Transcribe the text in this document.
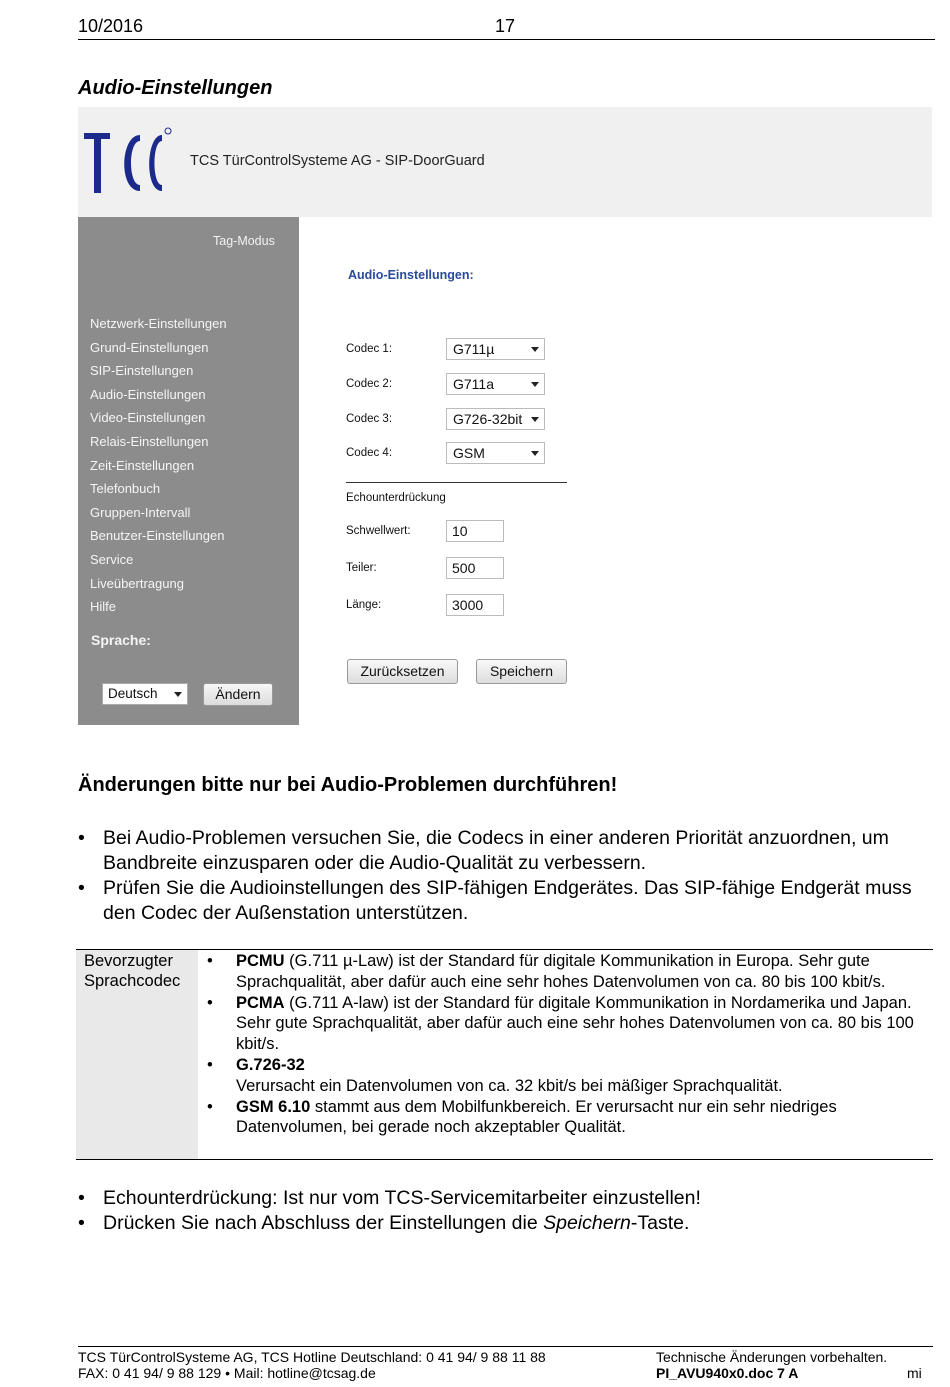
10/2016	17
Audio-Einstellungen
TCS TürControlSysteme AG - SIP-DoorGuard
Tag-Modus
Netzwerk-Einstellungen
Grund-Einstellungen
SIP-Einstellungen
Audio-Einstellungen
Video-Einstellungen
Relais-Einstellungen
Zeit-Einstellungen
Telefonbuch
Gruppen-Intervall
Benutzer-Einstellungen
Service
Liveübertragung
Hilfe
Sprache:
Deutsch	Ändern
Audio-Einstellungen:
Codec 1:	G711µ
Codec 2:	G711a
Codec 3:	G726-32bit
Codec 4:	GSM
Echounterdrückung
Schwellwert:	10
Teiler:	500
Länge:	3000
Zurücksetzen	Speichern
Änderungen bitte nur bei Audio-Problemen durchführen!
• Bei Audio-Problemen versuchen Sie, die Codecs in einer anderen Priorität anzuordnen, um Bandbreite einzusparen oder die Audio-Qualität zu verbessern.
• Prüfen Sie die Audioinstellungen des SIP-fähigen Endgerätes. Das SIP-fähige Endgerät muss den Codec der Außenstation unterstützen.
Bevorzugter
Sprachcodec
• PCMU (G.711 µ-Law) ist der Standard für digitale Kommunikation in Europa. Sehr gute Sprachqualität, aber dafür auch eine sehr hohes Datenvolumen von ca. 80 bis 100 kbit/s.
• PCMA (G.711 A-law) ist der Standard für digitale Kommunikation in Nordamerika und Japan. Sehr gute Sprachqualität, aber dafür auch eine sehr hohes Datenvolumen von ca. 80 bis 100 kbit/s.
• G.726-32
Verursacht ein Datenvolumen von ca. 32 kbit/s bei mäßiger Sprachqualität.
• GSM 6.10 stammt aus dem Mobilfunkbereich. Er verursacht nur ein sehr niedriges Datenvolumen, bei gerade noch akzeptabler Qualität.
• Echounterdrückung: Ist nur vom TCS-Servicemitarbeiter einzustellen!
• Drücken Sie nach Abschluss der Einstellungen die Speichern-Taste.
TCS TürControlSysteme AG, TCS Hotline Deutschland: 0 41 94/ 9 88 11 88
FAX: 0 41 94/ 9 88 129 • Mail: hotline@tcsag.de
Technische Änderungen vorbehalten.
PI_AVU940x0.doc 7 A	mi
